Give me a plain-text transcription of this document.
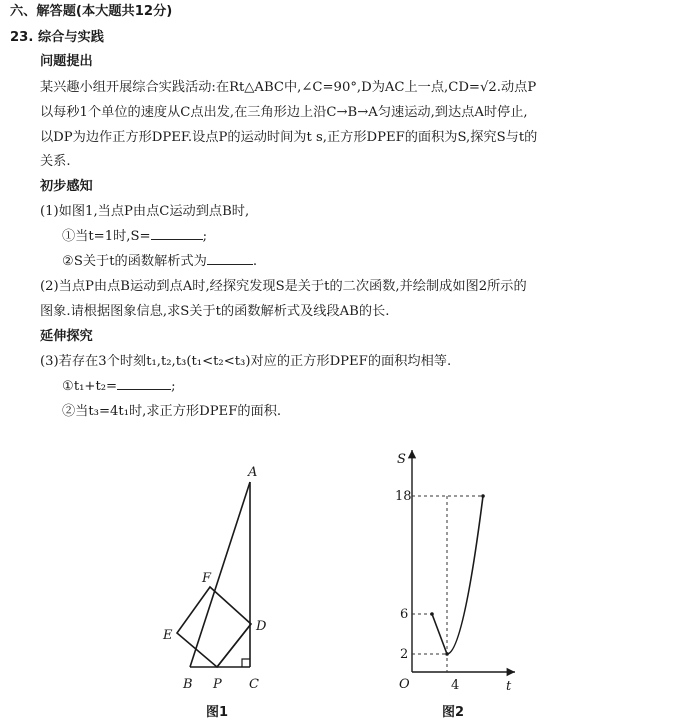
六、解答题(本大题共12分)
23. 综合与实践
问题提出
某兴趣小组开展综合实践活动:在Rt△ABC中,∠C=90°,D为AC上一点,CD=√2.动点P
以每秒1个单位的速度从C点出发,在三角形边上沿C→B→A匀速运动,到达点A时停止,
以DP为边作正方形DPEF.设点P的运动时间为t s,正方形DPEF的面积为S,探究S与t的
关系.
初步感知
(1)如图1,当点P由点C运动到点B时,
①当t=1时,S=	;
②S关于t的函数解析式为	.
(2)当点P由点B运动到点A时,经探究发现S是关于t的二次函数,并绘制成如图2所示的
图象.请根据图象信息,求S关于t的函数解析式及线段AB的长.
延伸探究
(3)若存在3个时刻t₁,t₂,t₃(t₁<t₂<t₃)对应的正方形DPEF的面积均相等.
①t₁+t₂=	;
②当t₃=4t₁时,求正方形DPEF的面积.
A
B	C
D
E
F
P
图1
S
t
O
18
6
2
4
图2
